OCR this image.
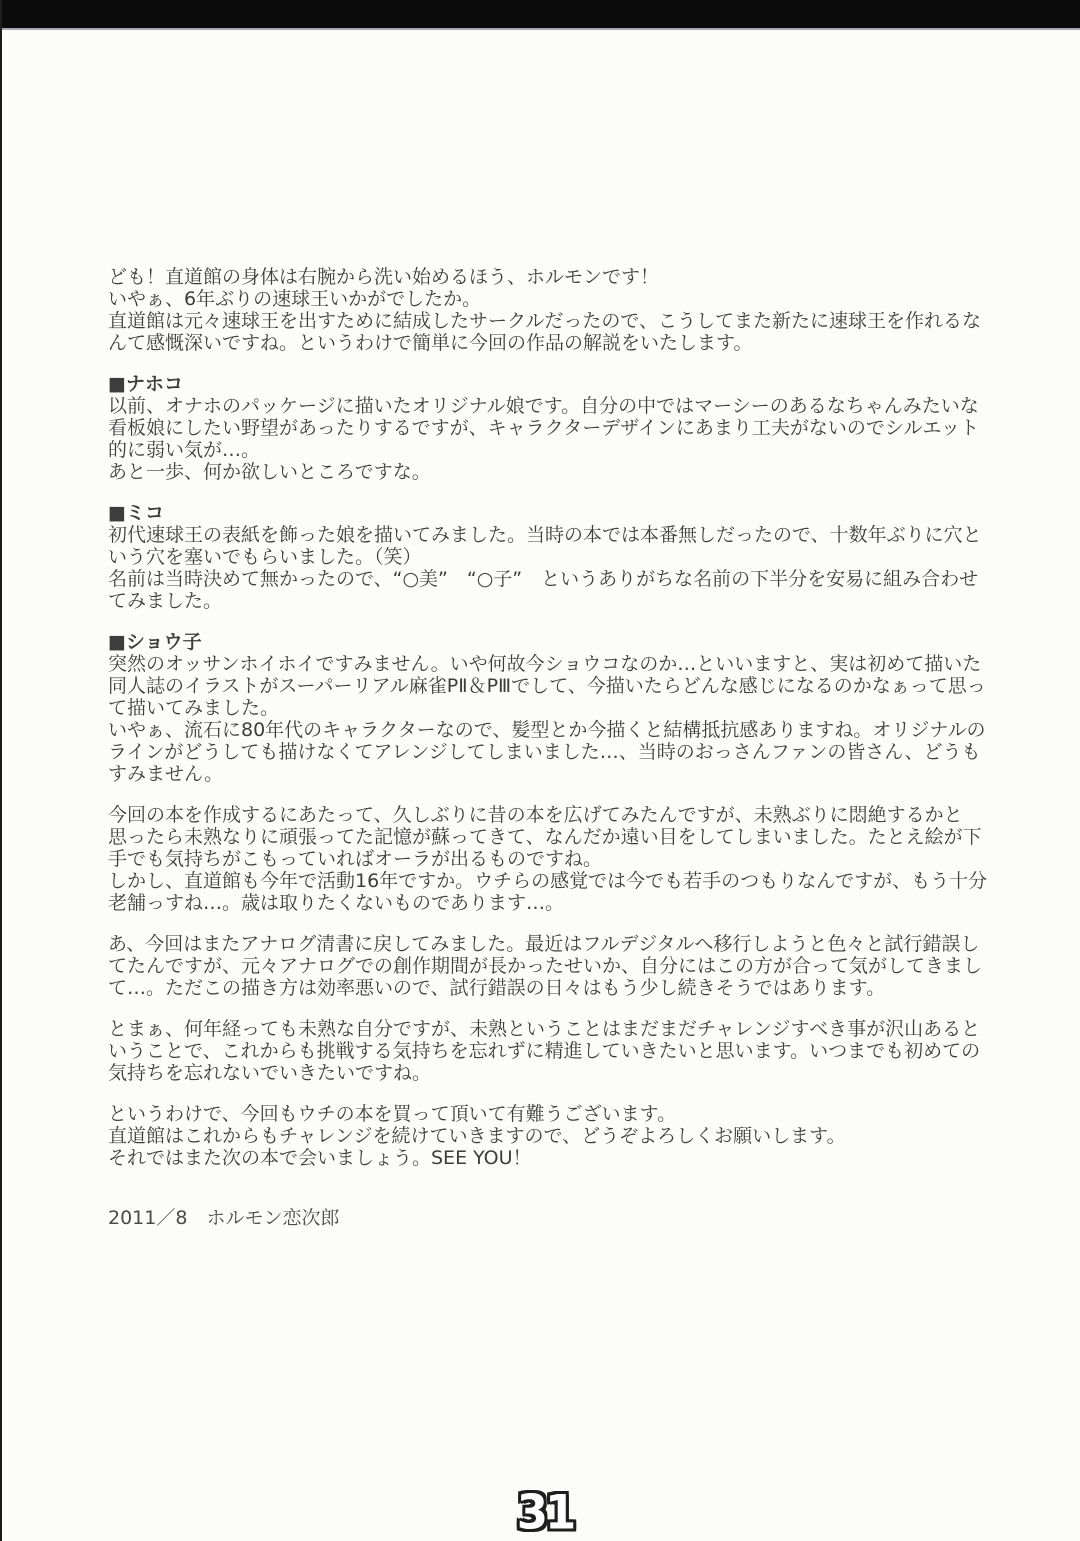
ども！直道館の身体は右腕から洗い始めるほう、ホルモンです！
いやぁ、6年ぶりの速球王いかがでしたか。
直道館は元々速球王を出すために結成したサークルだったので、こうしてまた新たに速球王を作れるな
んて感慨深いですね。というわけで簡単に今回の作品の解説をいたします。
■ナホコ
以前、オナホのパッケージに描いたオリジナル娘です。自分の中ではマーシーのあるなちゃんみたいな
看板娘にしたい野望があったりするですが、キャラクターデザインにあまり工夫がないのでシルエット
的に弱い気が…。
あと一歩、何か欲しいところですな。
■ミコ
初代速球王の表紙を飾った娘を描いてみました。当時の本では本番無しだったので、十数年ぶりに穴と
いう穴を塞いでもらいました。（笑）
名前は当時決めて無かったので、“○美”　“○子”　というありがちな名前の下半分を安易に組み合わせ
てみました。
■ショウ子
突然のオッサンホイホイですみません。いや何故今ショウコなのか…といいますと、実は初めて描いた
同人誌のイラストがスーパーリアル麻雀PⅡ＆PⅢでして、今描いたらどんな感じになるのかなぁって思っ
て描いてみました。
いやぁ、流石に80年代のキャラクターなので、髪型とか今描くと結構抵抗感ありますね。オリジナルの
ラインがどうしても描けなくてアレンジしてしまいました…、当時のおっさんファンの皆さん、どうも
すみません。
今回の本を作成するにあたって、久しぶりに昔の本を広げてみたんですが、未熟ぶりに悶絶するかと
思ったら未熟なりに頑張ってた記憶が蘇ってきて、なんだか遠い目をしてしまいました。たとえ絵が下
手でも気持ちがこもっていればオーラが出るものですね。
しかし、直道館も今年で活動16年ですか。ウチらの感覚では今でも若手のつもりなんですが、もう十分
老舗っすね…。歳は取りたくないものであります…。
あ、今回はまたアナログ清書に戻してみました。最近はフルデジタルへ移行しようと色々と試行錯誤し
てたんですが、元々アナログでの創作期間が長かったせいか、自分にはこの方が合って気がしてきまし
て…。ただこの描き方は効率悪いので、試行錯誤の日々はもう少し続きそうではあります。
とまぁ、何年経っても未熟な自分ですが、未熟ということはまだまだチャレンジすべき事が沢山あると
いうことで、これからも挑戦する気持ちを忘れずに精進していきたいと思います。いつまでも初めての
気持ちを忘れないでいきたいですね。
というわけで、今回もウチの本を買って頂いて有難うございます。
直道館はこれからもチャレンジを続けていきますので、どうぞよろしくお願いします。
それではまた次の本で会いましょう。SEE YOU！
2011／8　ホルモン恋次郎
31
